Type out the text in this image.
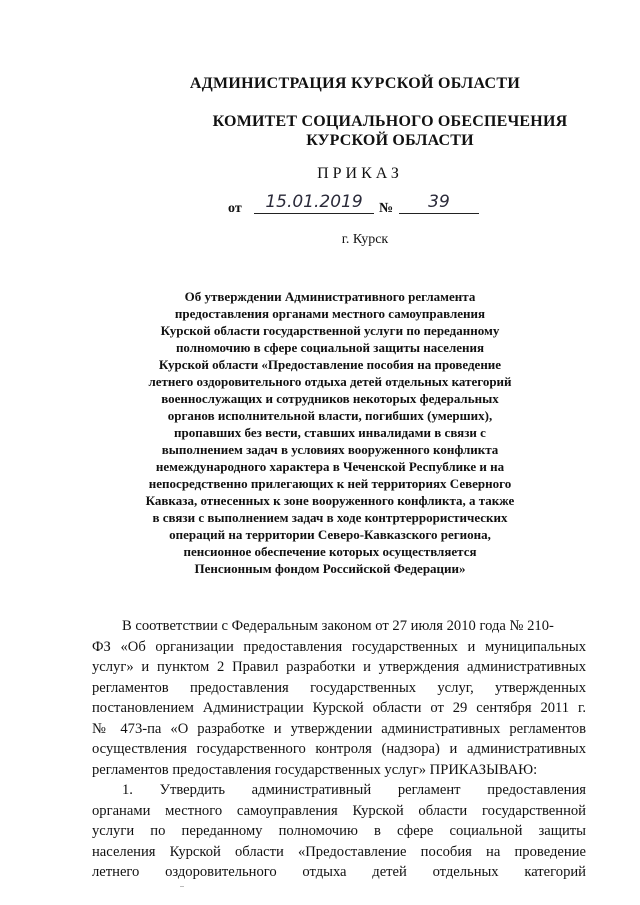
АДМИНИСТРАЦИЯ КУРСКОЙ ОБЛАСТИ
КОМИТЕТ СОЦИАЛЬНОГО ОБЕСПЕЧЕНИЯ
КУРСКОЙ ОБЛАСТИ
ПРИКАЗ
от	15.01.2019	№	39
г. Курск
Об утверждении Административного регламента
предоставления органами местного самоуправления
Курской области государственной услуги по переданному
полномочию в сфере социальной защиты населения
Курской области «Предоставление пособия на проведение
летнего оздоровительного отдыха детей отдельных категорий
военнослужащих и сотрудников некоторых федеральных
органов исполнительной власти, погибших (умерших),
пропавших без вести, ставших инвалидами в связи с
выполнением задач в условиях вооруженного конфликта
немеждународного характера в Чеченской Республике и на
непосредственно прилегающих к ней территориях Северного
Кавказа, отнесенных к зоне вооруженного конфликта, а также
в связи с выполнением задач в ходе контртеррористических
операций на территории Северо-Кавказского региона,
пенсионное обеспечение которых осуществляется
Пенсионным фондом Российской Федерации»
В соответствии с Федеральным законом от 27 июля 2010 года № 210-
ФЗ «Об организации предоставления государственных и муниципальных
услуг» и пунктом 2 Правил разработки и утверждения административных
регламентов предоставления государственных услуг, утвержденных
постановлением Администрации Курской области от 29 сентября 2011 г.
№ 473-па «О разработке и утверждении административных регламентов
осуществления государственного контроля (надзора) и административных
регламентов предоставления государственных услуг» ПРИКАЗЫВАЮ:
1. Утвердить административный регламент предоставления
органами местного самоуправления Курской области государственной
услуги по переданному полномочию в сфере социальной защиты
населения Курской области «Предоставление пособия на проведение
летнего оздоровительного отдыха детей отдельных категорий
